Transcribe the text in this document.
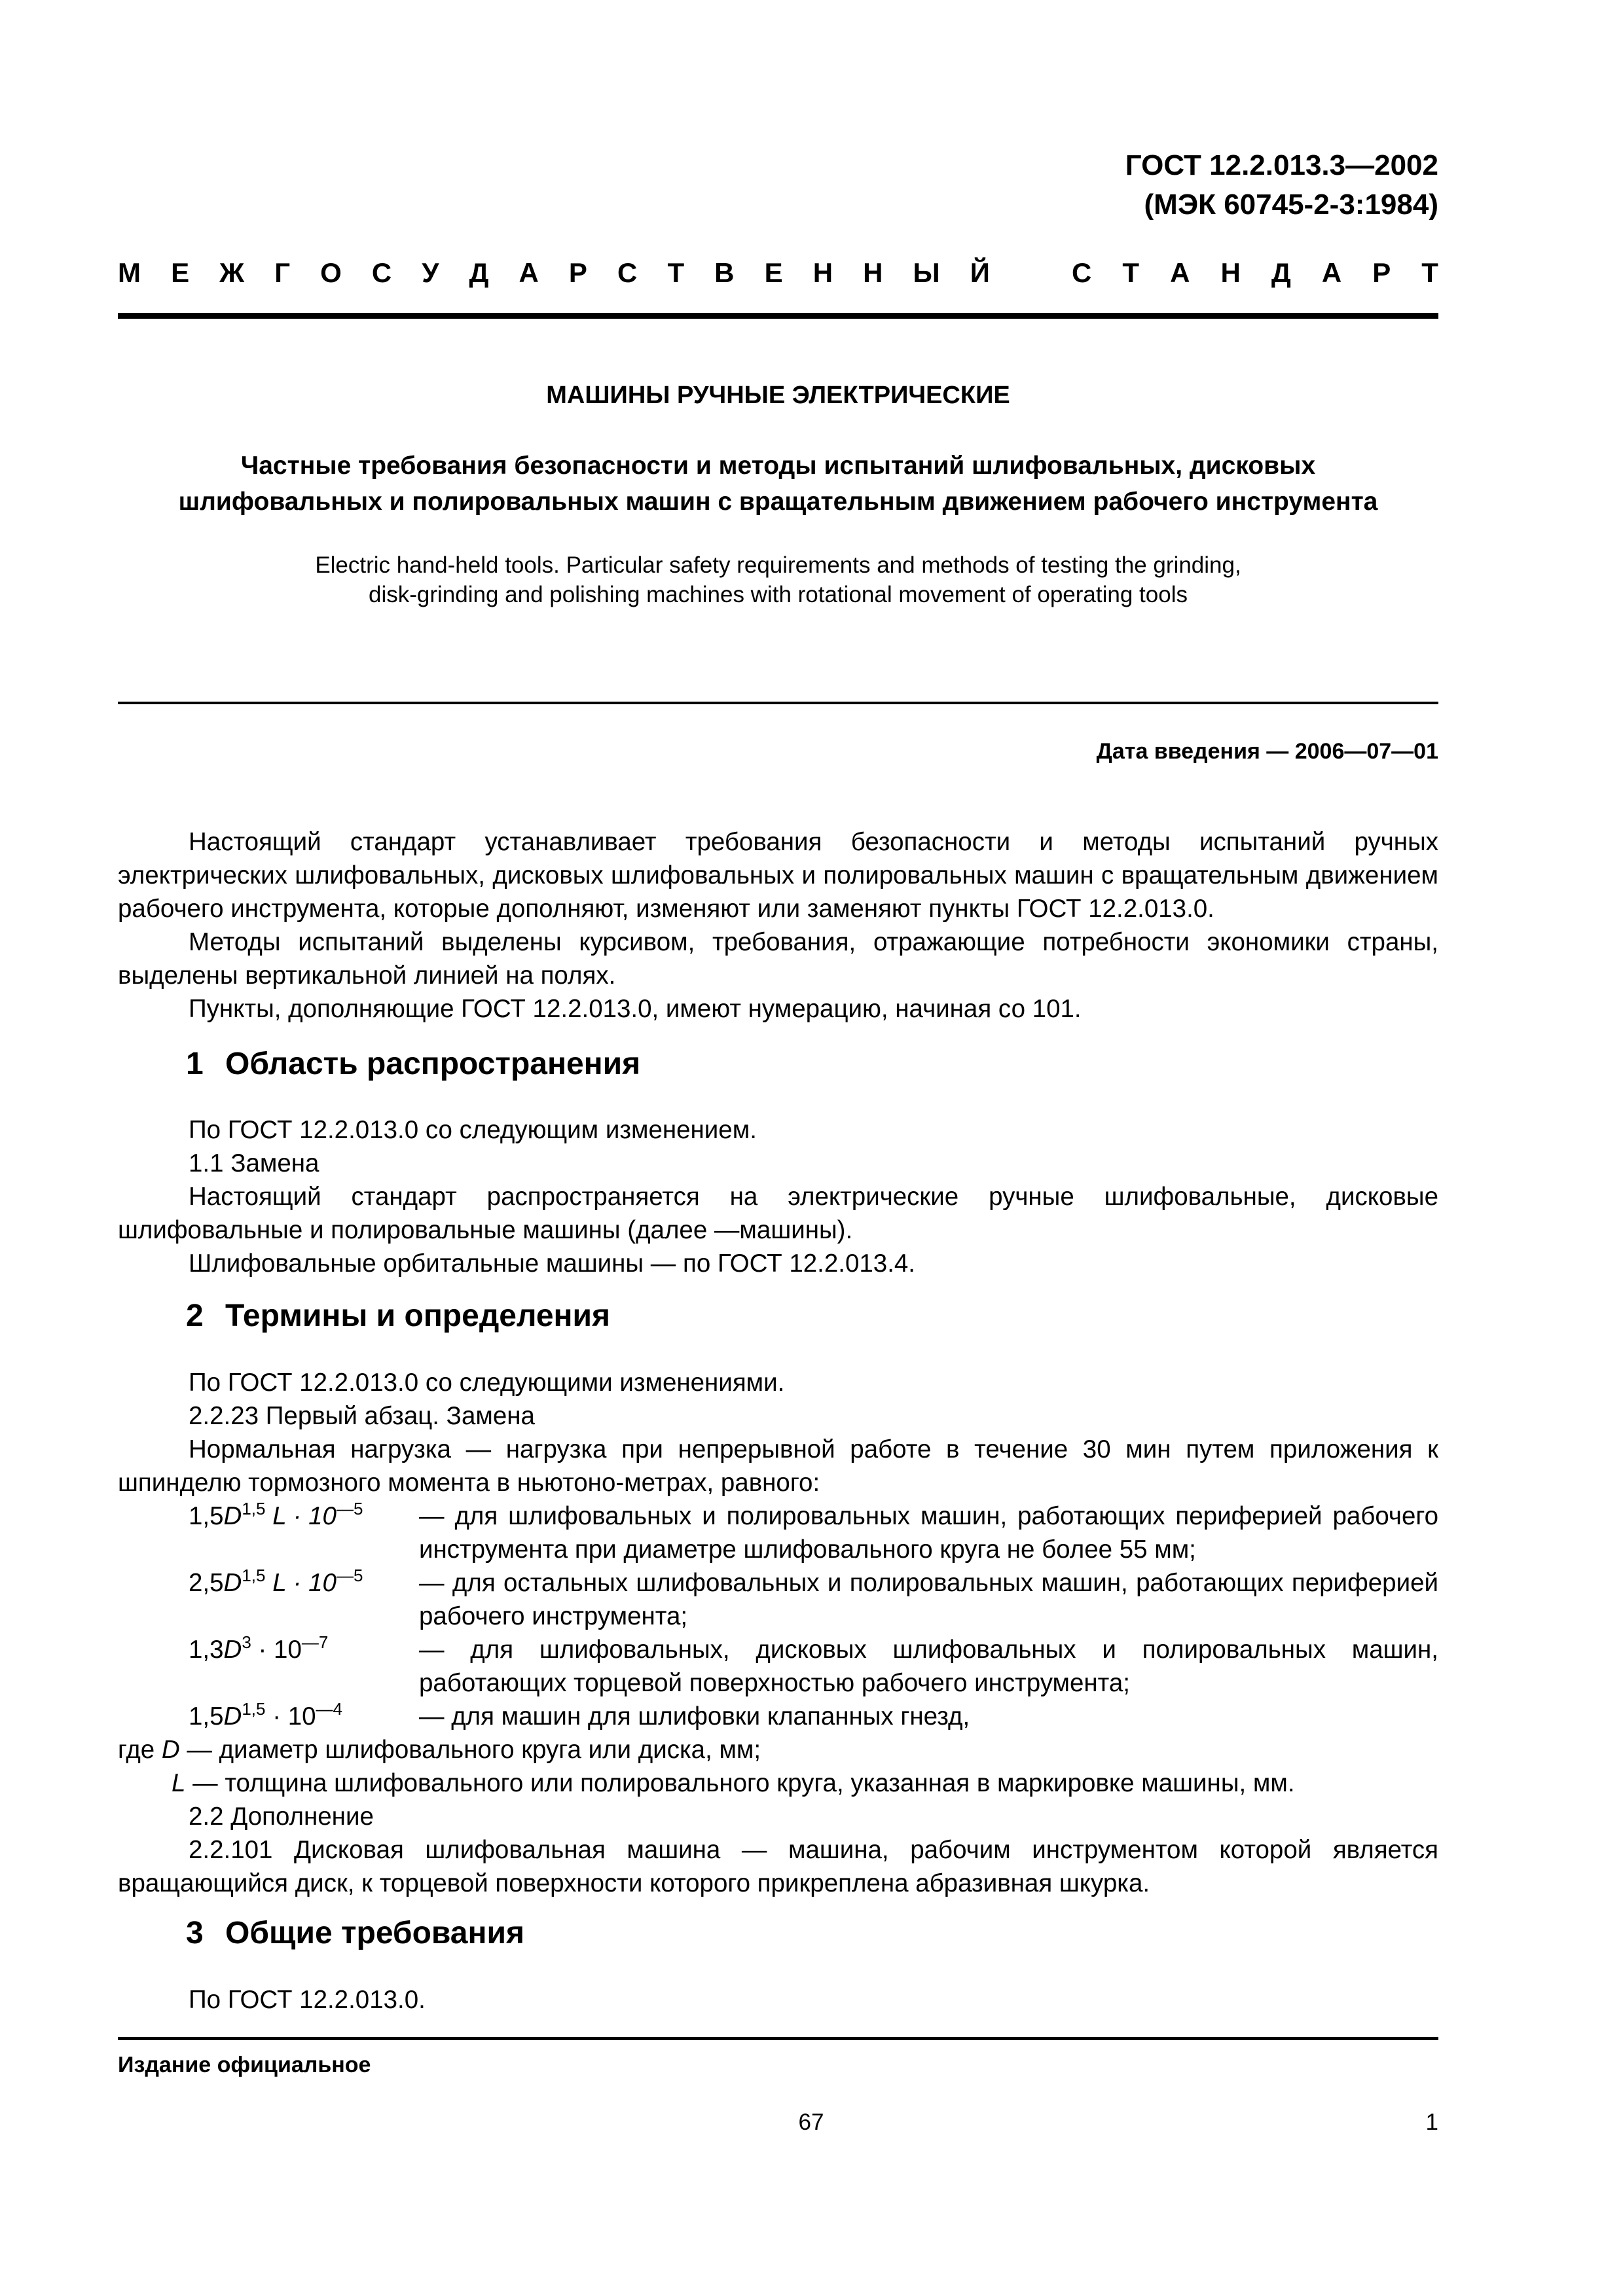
ГОСТ 12.2.013.3—2002
(МЭК 60745-2-3:1984)
М Е Ж Г О С У Д А Р С Т В Е Н Н Ы Й	С Т А Н Д А Р Т
МАШИНЫ РУЧНЫЕ ЭЛЕКТРИЧЕСКИЕ
Частные требования безопасности и методы испытаний шлифовальных, дисковых
шлифовальных и полировальных машин с вращательным движением рабочего инструмента
Electric hand-held tools. Particular safety requirements and methods of testing the grinding,
disk-grinding and polishing machines with rotational movement of operating tools
Дата введения — 2006—07—01
Настоящий стандарт устанавливает требования безопасности и методы испытаний ручных электрических шлифовальных, дисковых шлифовальных и полировальных машин с вращательным движением рабочего инструмента, которые дополняют, изменяют или заменяют пункты ГОСТ 12.2.013.0.
Методы испытаний выделены курсивом, требования, отражающие потребности экономики страны, выделены вертикальной линией на полях.
Пункты, дополняющие ГОСТ 12.2.013.0, имеют нумерацию, начиная со 101.
1 Область распространения
По ГОСТ 12.2.013.0 со следующим изменением.
1.1 Замена
Настоящий стандарт распространяется на электрические ручные шлифовальные, дисковые шлифовальные и полировальные машины (далее —машины).
Шлифовальные орбитальные машины — по ГОСТ 12.2.013.4.
2 Термины и определения
По ГОСТ 12.2.013.0 со следующими изменениями.
2.2.23 Первый абзац. Замена
Нормальная нагрузка — нагрузка при непрерывной работе в течение 30 мин путем приложения к шпинделю тормозного момента в ньютоно-метрах, равного:
$1,5D^{1,5}$ $L \cdot 10^{—5}$ — для шлифовальных и полировальных машин, работающих периферией рабочего инструмента при диаметре шлифовального круга не более 55 мм;
$2,5D^{1,5}$ $L \cdot 10^{—5}$ — для остальных шлифовальных и полировальных машин, работающих периферией рабочего инструмента;
$1,3D^3 \cdot 10^{—7}$	— для шлифовальных, дисковых шлифовальных и полировальных машин, работающих торцевой поверхностью рабочего инструмента;
$1,5D^{1,5} \cdot 10^{—4}$	— для машин для шлифовки клапанных гнезд,
где D — диаметр шлифовального круга или диска, мм;
L — толщина шлифовального или полировального круга, указанная в маркировке машины, мм.
2.2 Дополнение
2.2.101 Дисковая шлифовальная машина — машина, рабочим инструментом которой является вращающийся диск, к торцевой поверхности которого прикреплена абразивная шкурка.
3 Общие требования
По ГОСТ 12.2.013.0.
Издание официальное
67	1
